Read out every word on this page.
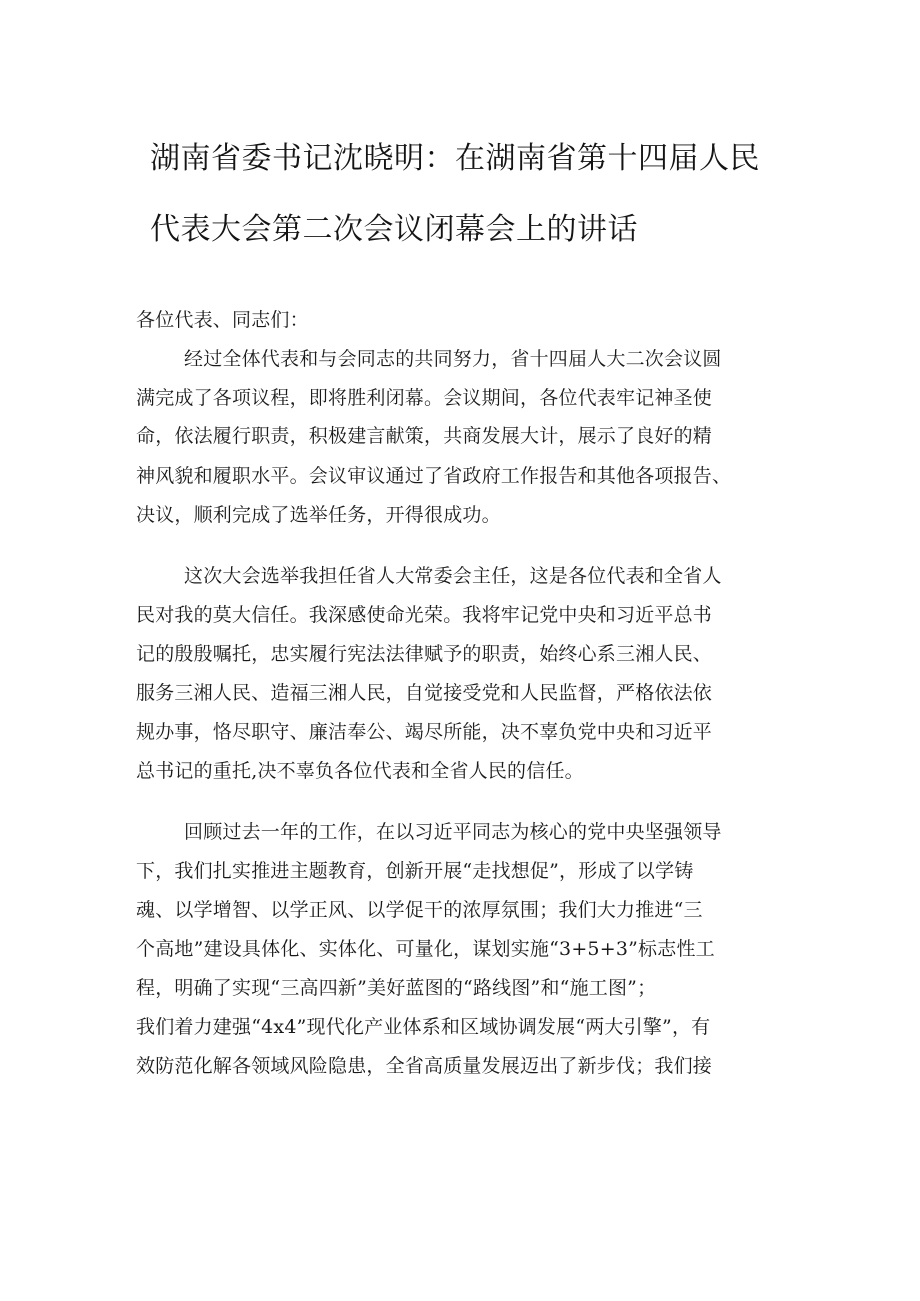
湖南省委书记沈晓明：在湖南省第十四届人民
代表大会第二次会议闭幕会上的讲话
各位代表、同志们：
经过全体代表和与会同志的共同努力，省十四届人大二次会议圆
满完成了各项议程，即将胜利闭幕。会议期间，各位代表牢记神圣使
命，依法履行职责，积极建言献策，共商发展大计，展示了良好的精
神风貌和履职水平。会议审议通过了省政府工作报告和其他各项报告、
决议，顺利完成了选举任务，开得很成功。
这次大会选举我担任省人大常委会主任，这是各位代表和全省人
民对我的莫大信任。我深感使命光荣。我将牢记党中央和习近平总书
记的殷殷嘱托，忠实履行宪法法律赋予的职责，始终心系三湘人民、
服务三湘人民、造福三湘人民，自觉接受党和人民监督，严格依法依
规办事，恪尽职守、廉洁奉公、竭尽所能，决不辜负党中央和习近平
总书记的重托,决不辜负各位代表和全省人民的信任。
回顾过去一年的工作，在以习近平同志为核心的党中央坚强领导
下，我们扎实推进主题教育，创新开展“走找想促”，形成了以学铸
魂、以学增智、以学正风、以学促干的浓厚氛围；我们大力推进“三
个高地”建设具体化、实体化、可量化，谋划实施“3+5+3”标志性工
程，明确了实现“三高四新”美好蓝图的“路线图”和“施工图”；
我们着力建强“4x4”现代化产业体系和区域协调发展“两大引擎”，有
效防范化解各领域风险隐患，全省高质量发展迈出了新步伐；我们接
